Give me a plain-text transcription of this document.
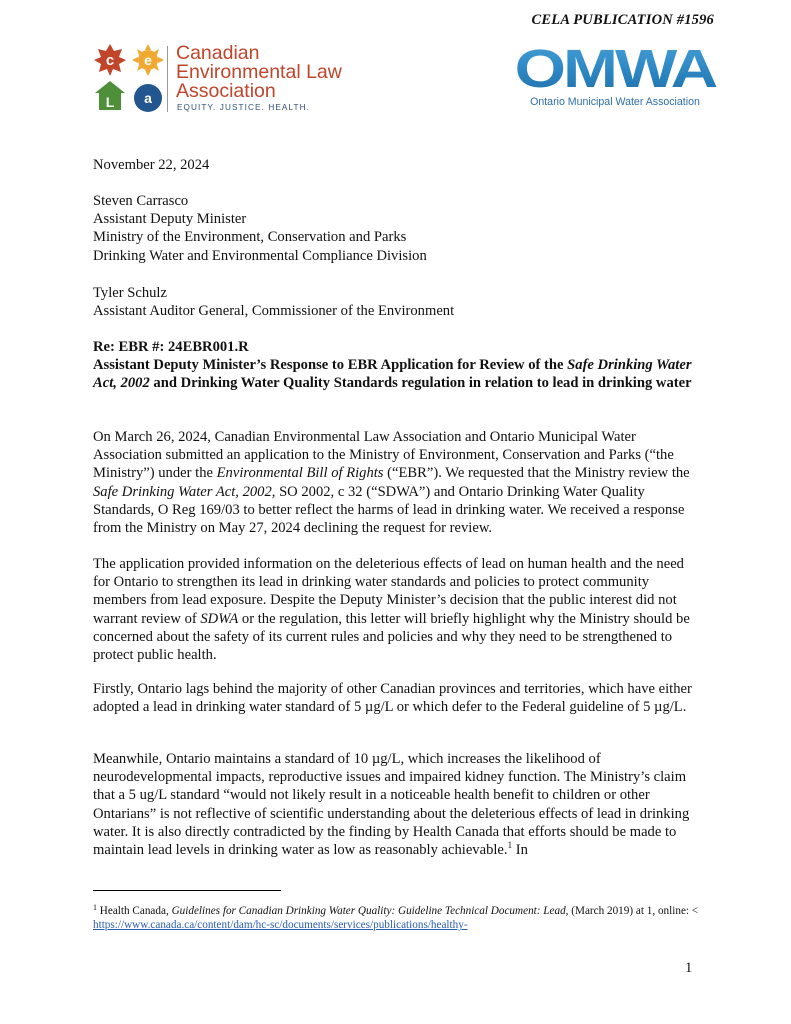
CELA PUBLICATION #1596
c e
L a
Canadian
Environmental Law
Association
EQUITY. JUSTICE. HEALTH.
OMWA
Ontario Municipal Water Association
November 22, 2024
Steven Carrasco
Assistant Deputy Minister
Ministry of the Environment, Conservation and Parks
Drinking Water and Environmental Compliance Division
Tyler Schulz
Assistant Auditor General, Commissioner of the Environment
Re: EBR #: 24EBR001.R
Assistant Deputy Minister’s Response to EBR Application for Review of the Safe Drinking Water Act, 2002 and Drinking Water Quality Standards regulation in relation to lead in drinking water
On March 26, 2024, Canadian Environmental Law Association and Ontario Municipal Water Association submitted an application to the Ministry of Environment, Conservation and Parks (“the Ministry”) under the Environmental Bill of Rights (“EBR”). We requested that the Ministry review the Safe Drinking Water Act, 2002, SO 2002, c 32 (“SDWA”) and Ontario Drinking Water Quality Standards, O Reg 169/03 to better reflect the harms of lead in drinking water. We received a response from the Ministry on May 27, 2024 declining the request for review.
The application provided information on the deleterious effects of lead on human health and the need for Ontario to strengthen its lead in drinking water standards and policies to protect community members from lead exposure. Despite the Deputy Minister’s decision that the public interest did not warrant review of SDWA or the regulation, this letter will briefly highlight why the Ministry should be concerned about the safety of its current rules and policies and why they need to be strengthened to protect public health.
Firstly, Ontario lags behind the majority of other Canadian provinces and territories, which have either adopted a lead in drinking water standard of 5 µg/L or which defer to the Federal guideline of 5 µg/L.
Meanwhile, Ontario maintains a standard of 10 µg/L, which increases the likelihood of neurodevelopmental impacts, reproductive issues and impaired kidney function. The Ministry’s claim that a 5 ug/L standard “would not likely result in a noticeable health benefit to children or other Ontarians” is not reflective of scientific understanding about the deleterious effects of lead in drinking water. It is also directly contradicted by the finding by Health Canada that efforts should be made to maintain lead levels in drinking water as low as reasonably achievable.$^1$ In
$^1$ Health Canada, Guidelines for Canadian Drinking Water Quality: Guideline Technical Document: Lead, (March 2019) at 1, online: < https://www.canada.ca/content/dam/hc-sc/documents/services/publications/healthy-
1
